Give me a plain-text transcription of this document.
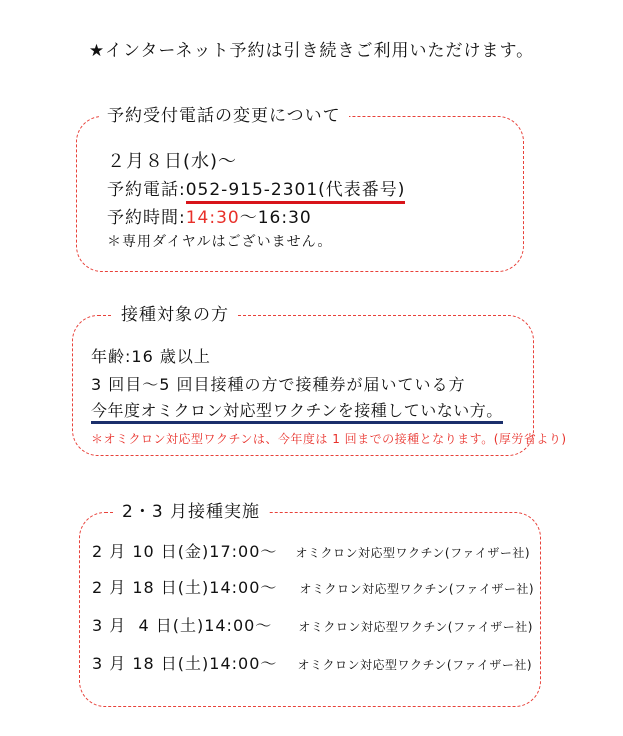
★インターネット予約は引き続きご利用いただけます。
予約受付電話の変更について
２月８日(水)～
予約電話:052-915-2301(代表番号)
予約時間:14:30～16:30
＊専用ダイヤルはございません。
接種対象の方
年齢:16 歳以上
3 回目～5 回目接種の方で接種券が届いている方
今年度オミクロン対応型ワクチンを接種していない方。
＊オミクロン対応型ワクチンは、今年度は 1 回までの接種となります。(厚労省より)
2・3 月接種実施
2 月 10 日(金)17:00～ オミクロン対応型ワクチン(ファイザー社)
2 月 18 日(土)14:00～ オミクロン対応型ワクチン(ファイザー社)
3 月  4 日(土)14:00～ オミクロン対応型ワクチン(ファイザー社)
3 月 18 日(土)14:00～ オミクロン対応型ワクチン(ファイザー社)
